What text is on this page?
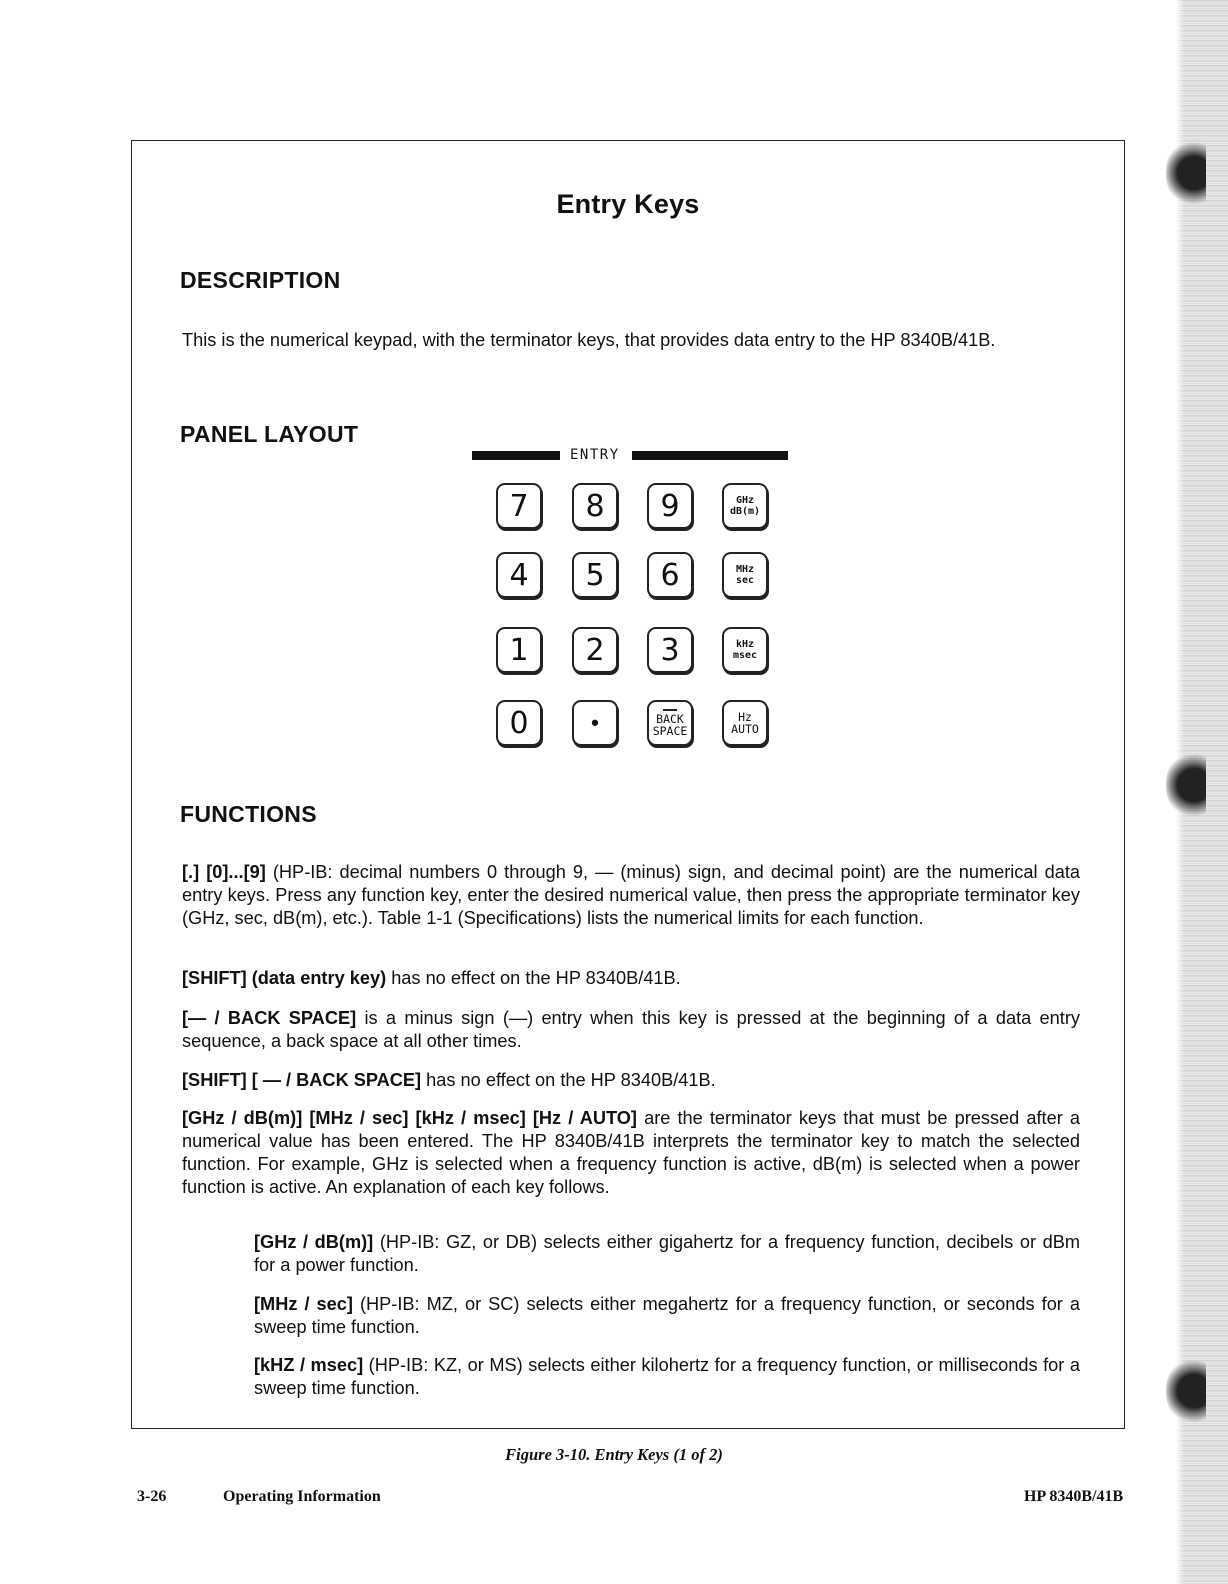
Entry Keys
DESCRIPTION

This is the numerical keypad, with the terminator keys, that provides data entry to the HP 8340B/41B.

PANEL LAYOUT
ENTRY
7 8 9	GHz
dB(m)
4 5 6	MHz
sec
1 2 3	kHz
msec
0	•	BACK
SPACE
Hz
AUTO
FUNCTIONS

[.] [0]...[9] (HP-IB: decimal numbers 0 through 9, — (minus) sign, and decimal point) are the numerical data entry keys. Press any function key, enter the desired numerical value, then press the appropriate terminator key (GHz, sec, dB(m), etc.). Table 1-1 (Specifications) lists the numerical limits for each function.

[SHIFT] (data entry key) has no effect on the HP 8340B/41B.

[— / BACK SPACE] is a minus sign (—) entry when this key is pressed at the beginning of a data entry sequence, a back space at all other times.

[SHIFT] [ — / BACK SPACE] has no effect on the HP 8340B/41B.

[GHz / dB(m)] [MHz / sec] [kHz / msec] [Hz / AUTO] are the terminator keys that must be pressed after a numerical value has been entered. The HP 8340B/41B interprets the terminator key to match the selected function. For example, GHz is selected when a frequency function is active, dB(m) is selected when a power function is active. An explanation of each key follows.

[GHz / dB(m)] (HP-IB: GZ, or DB) selects either gigahertz for a frequency function, decibels or dBm for a power function.

[MHz / sec] (HP-IB: MZ, or SC) selects either megahertz for a frequency function, or seconds for a sweep time function.

[kHZ / msec] (HP-IB: KZ, or MS) selects either kilohertz for a frequency function, or milliseconds for a sweep time function.

Figure 3-10. Entry Keys (1 of 2)
3-26	Operating Information	HP 8340B/41B
